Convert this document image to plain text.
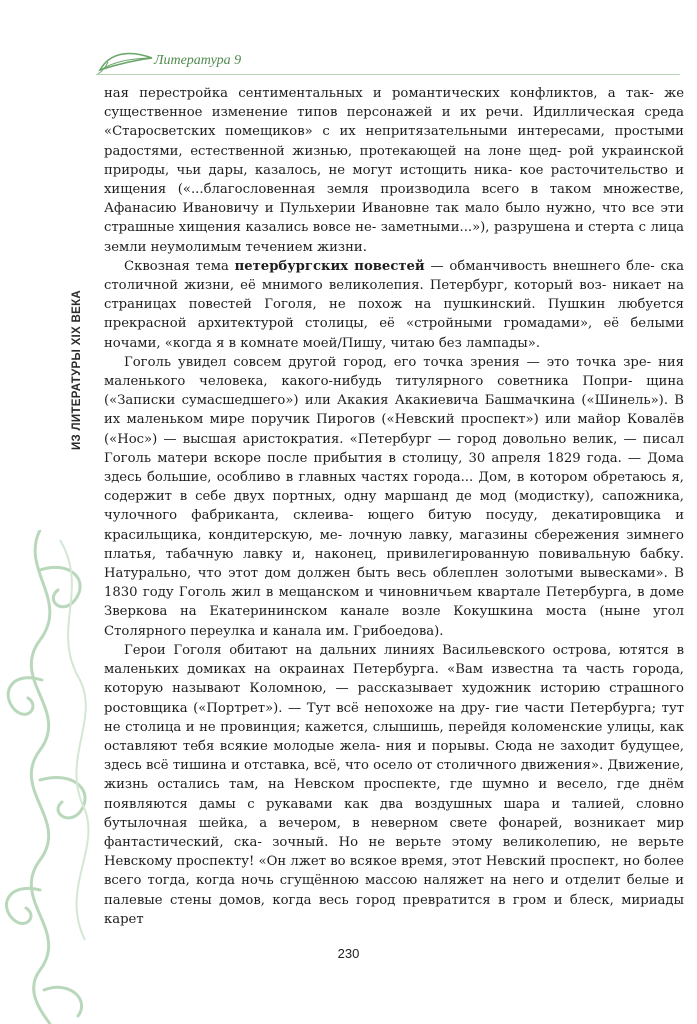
Литература 9
ИЗ ЛИТЕРАТУРЫ XIX ВЕКА

ная перестройка сентиментальных и романтических конфликтов, а так- же существенное изменение типов персонажей и их речи. Идиллическая среда «Старосветских помещиков» с их непритязательными интересами, простыми радостями, естественной жизнью, протекающей на лоне щед- рой украинской природы, чьи дары, казалось, не могут истощить ника- кое расточительство и хищения («...благословенная земля производила всего в таком множестве, Афанасию Ивановичу и Пульхерии Ивановне так мало было нужно, что все эти страшные хищения казались вовсе не- заметными...»), разрушена и стерта с лица земли неумолимым течением жизни.

Сквозная тема петербургских повестей — обманчивость внешнего бле- ска столичной жизни, её мнимого великолепия. Петербург, который воз- никает на страницах повестей Гоголя, не похож на пушкинский. Пушкин любуется прекрасной архитектурой столицы, её «стройными громадами», её белыми ночами, «когда я в комнате моей/Пишу, читаю без лампады».

Гоголь увидел совсем другой город, его точка зрения — это точка зре- ния маленького человека, какого-нибудь титулярного советника Попри- щина («Записки сумасшедшего») или Акакия Акакиевича Башмачкина («Шинель»). В их маленьком мире поручик Пирогов («Невский проспект») или майор Ковалёв («Нос») — высшая аристократия. «Петербург — город довольно велик, — писал Гоголь матери вскоре после прибытия в столицу, 30 апреля 1829 года. — Дома здесь большие, особливо в главных частях города... Дом, в котором обретаюсь я, содержит в себе двух портных, одну маршанд де мод (модистку), сапожника, чулочного фабриканта, склеива- ющего битую посуду, декатировщика и красильщика, кондитерскую, ме- лочную лавку, магазины сбережения зимнего платья, табачную лавку и, наконец, привилегированную повивальную бабку. Натурально, что этот дом должен быть весь облеплен золотыми вывесками». В 1830 году Гоголь жил в мещанском и чиновничьем квартале Петербурга, в доме Зверкова на Екатерининском канале возле Кокушкина моста (ныне угол Столярного переулка и канала им. Грибоедова).

Герои Гоголя обитают на дальних линиях Васильевского острова, ютятся в маленьких домиках на окраинах Петербурга. «Вам известна та часть города, которую называют Коломною, — рассказывает художник историю страшного ростовщика («Портрет»). — Тут всё непохоже на дру- гие части Петербурга; тут не столица и не провинция; кажется, слышишь, перейдя коломенские улицы, как оставляют тебя всякие молодые жела- ния и порывы. Сюда не заходит будущее, здесь всё тишина и отставка, всё, что осело от столичного движения». Движение, жизнь остались там, на Невском проспекте, где шумно и весело, где днём появляются дамы с рукавами как два воздушных шара и талией, словно бутылочная шейка, а вечером, в неверном свете фонарей, возникает мир фантастический, ска- зочный. Но не верьте этому великолепию, не верьте Невскому проспекту! «Он лжет во всякое время, этот Невский проспект, но более всего тогда, когда ночь сгущённою массою наляжет на него и отделит белые и палевые стены домов, когда весь город превратится в гром и блеск, мириады карет

230
